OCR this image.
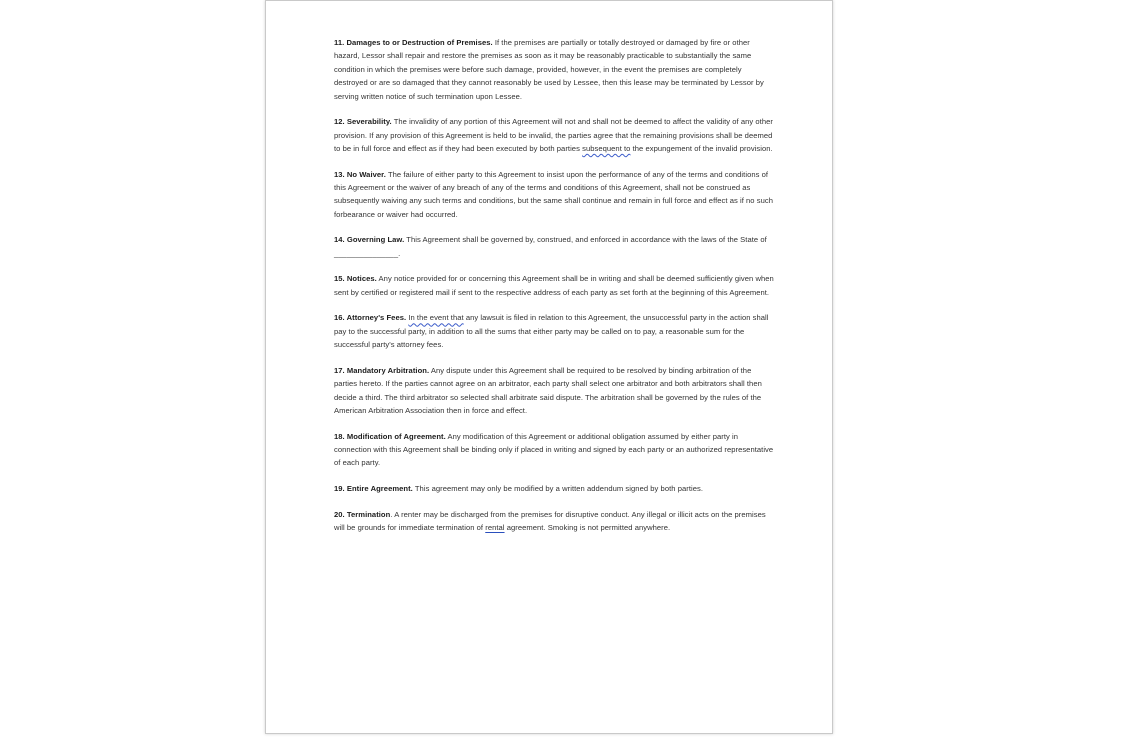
11. Damages to or Destruction of Premises. If the premises are partially or totally destroyed or damaged by fire or other hazard, Lessor shall repair and restore the premises as soon as it may be reasonably practicable to substantially the same condition in which the premises were before such damage, provided, however, in the event the premises are completely destroyed or are so damaged that they cannot reasonably be used by Lessee, then this lease may be terminated by Lessor by serving written notice of such termination upon Lessee.

12. Severability. The invalidity of any portion of this Agreement will not and shall not be deemed to affect the validity of any other provision. If any provision of this Agreement is held to be invalid, the parties agree that the remaining provisions shall be deemed to be in full force and effect as if they had been executed by both parties subsequent to the expungement of the invalid provision.

13. No Waiver. The failure of either party to this Agreement to insist upon the performance of any of the terms and conditions of this Agreement or the waiver of any breach of any of the terms and conditions of this Agreement, shall not be construed as subsequently waiving any such terms and conditions, but the same shall continue and remain in full force and effect as if no such forbearance or waiver had occurred.

14. Governing Law. This Agreement shall be governed by, construed, and enforced in accordance with the laws of the State of _______________.

15. Notices. Any notice provided for or concerning this Agreement shall be in writing and shall be deemed sufficiently given when sent by certified or registered mail if sent to the respective address of each party as set forth at the beginning of this Agreement.

16. Attorney's Fees. In the event that any lawsuit is filed in relation to this Agreement, the unsuccessful party in the action shall pay to the successful party, in addition to all the sums that either party may be called on to pay, a reasonable sum for the successful party's attorney fees.

17. Mandatory Arbitration. Any dispute under this Agreement shall be required to be resolved by binding arbitration of the parties hereto. If the parties cannot agree on an arbitrator, each party shall select one arbitrator and both arbitrators shall then decide a third. The third arbitrator so selected shall arbitrate said dispute. The arbitration shall be governed by the rules of the American Arbitration Association then in force and effect.

18. Modification of Agreement. Any modification of this Agreement or additional obligation assumed by either party in connection with this Agreement shall be binding only if placed in writing and signed by each party or an authorized representative of each party.

19. Entire Agreement. This agreement may only be modified by a written addendum signed by both parties.

20. Termination. A renter may be discharged from the premises for disruptive conduct. Any illegal or illicit acts on the premises will be grounds for immediate termination of rental agreement. Smoking is not permitted anywhere.
